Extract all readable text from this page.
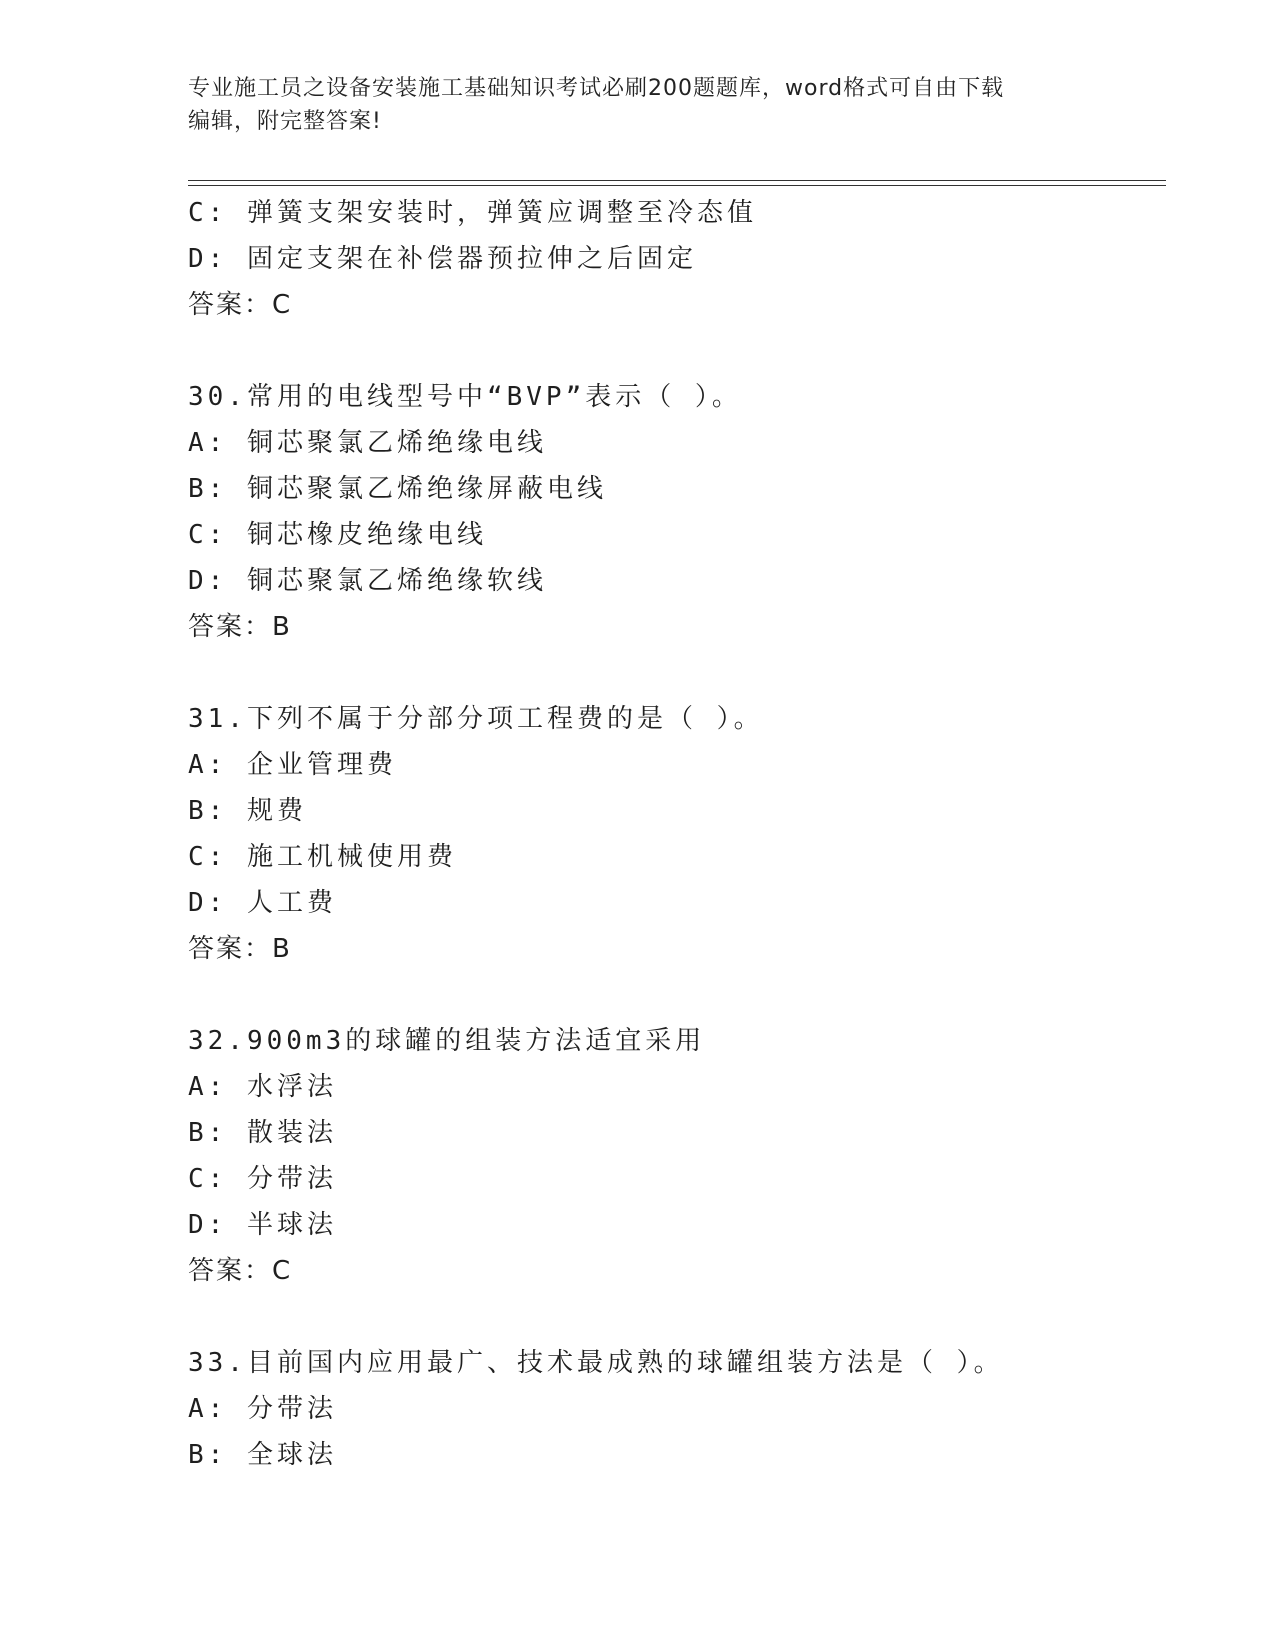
专业施工员之设备安装施工基础知识考试必刷200题题库，word格式可自由下载
编辑，附完整答案!
C: 弹簧支架安装时，弹簧应调整至冷态值
D: 固定支架在补偿器预拉伸之后固定
答案：C
30.常用的电线型号中“BVP”表示（ ）。
A: 铜芯聚氯乙烯绝缘电线
B: 铜芯聚氯乙烯绝缘屏蔽电线
C: 铜芯橡皮绝缘电线
D: 铜芯聚氯乙烯绝缘软线
答案：B
31.下列不属于分部分项工程费的是（ ）。
A: 企业管理费
B: 规费
C: 施工机械使用费
D: 人工费
答案：B
32.900m3的球罐的组装方法适宜采用
A: 水浮法
B: 散装法
C: 分带法
D: 半球法
答案：C
33.目前国内应用最广、技术最成熟的球罐组装方法是（ ）。
A: 分带法
B: 全球法
